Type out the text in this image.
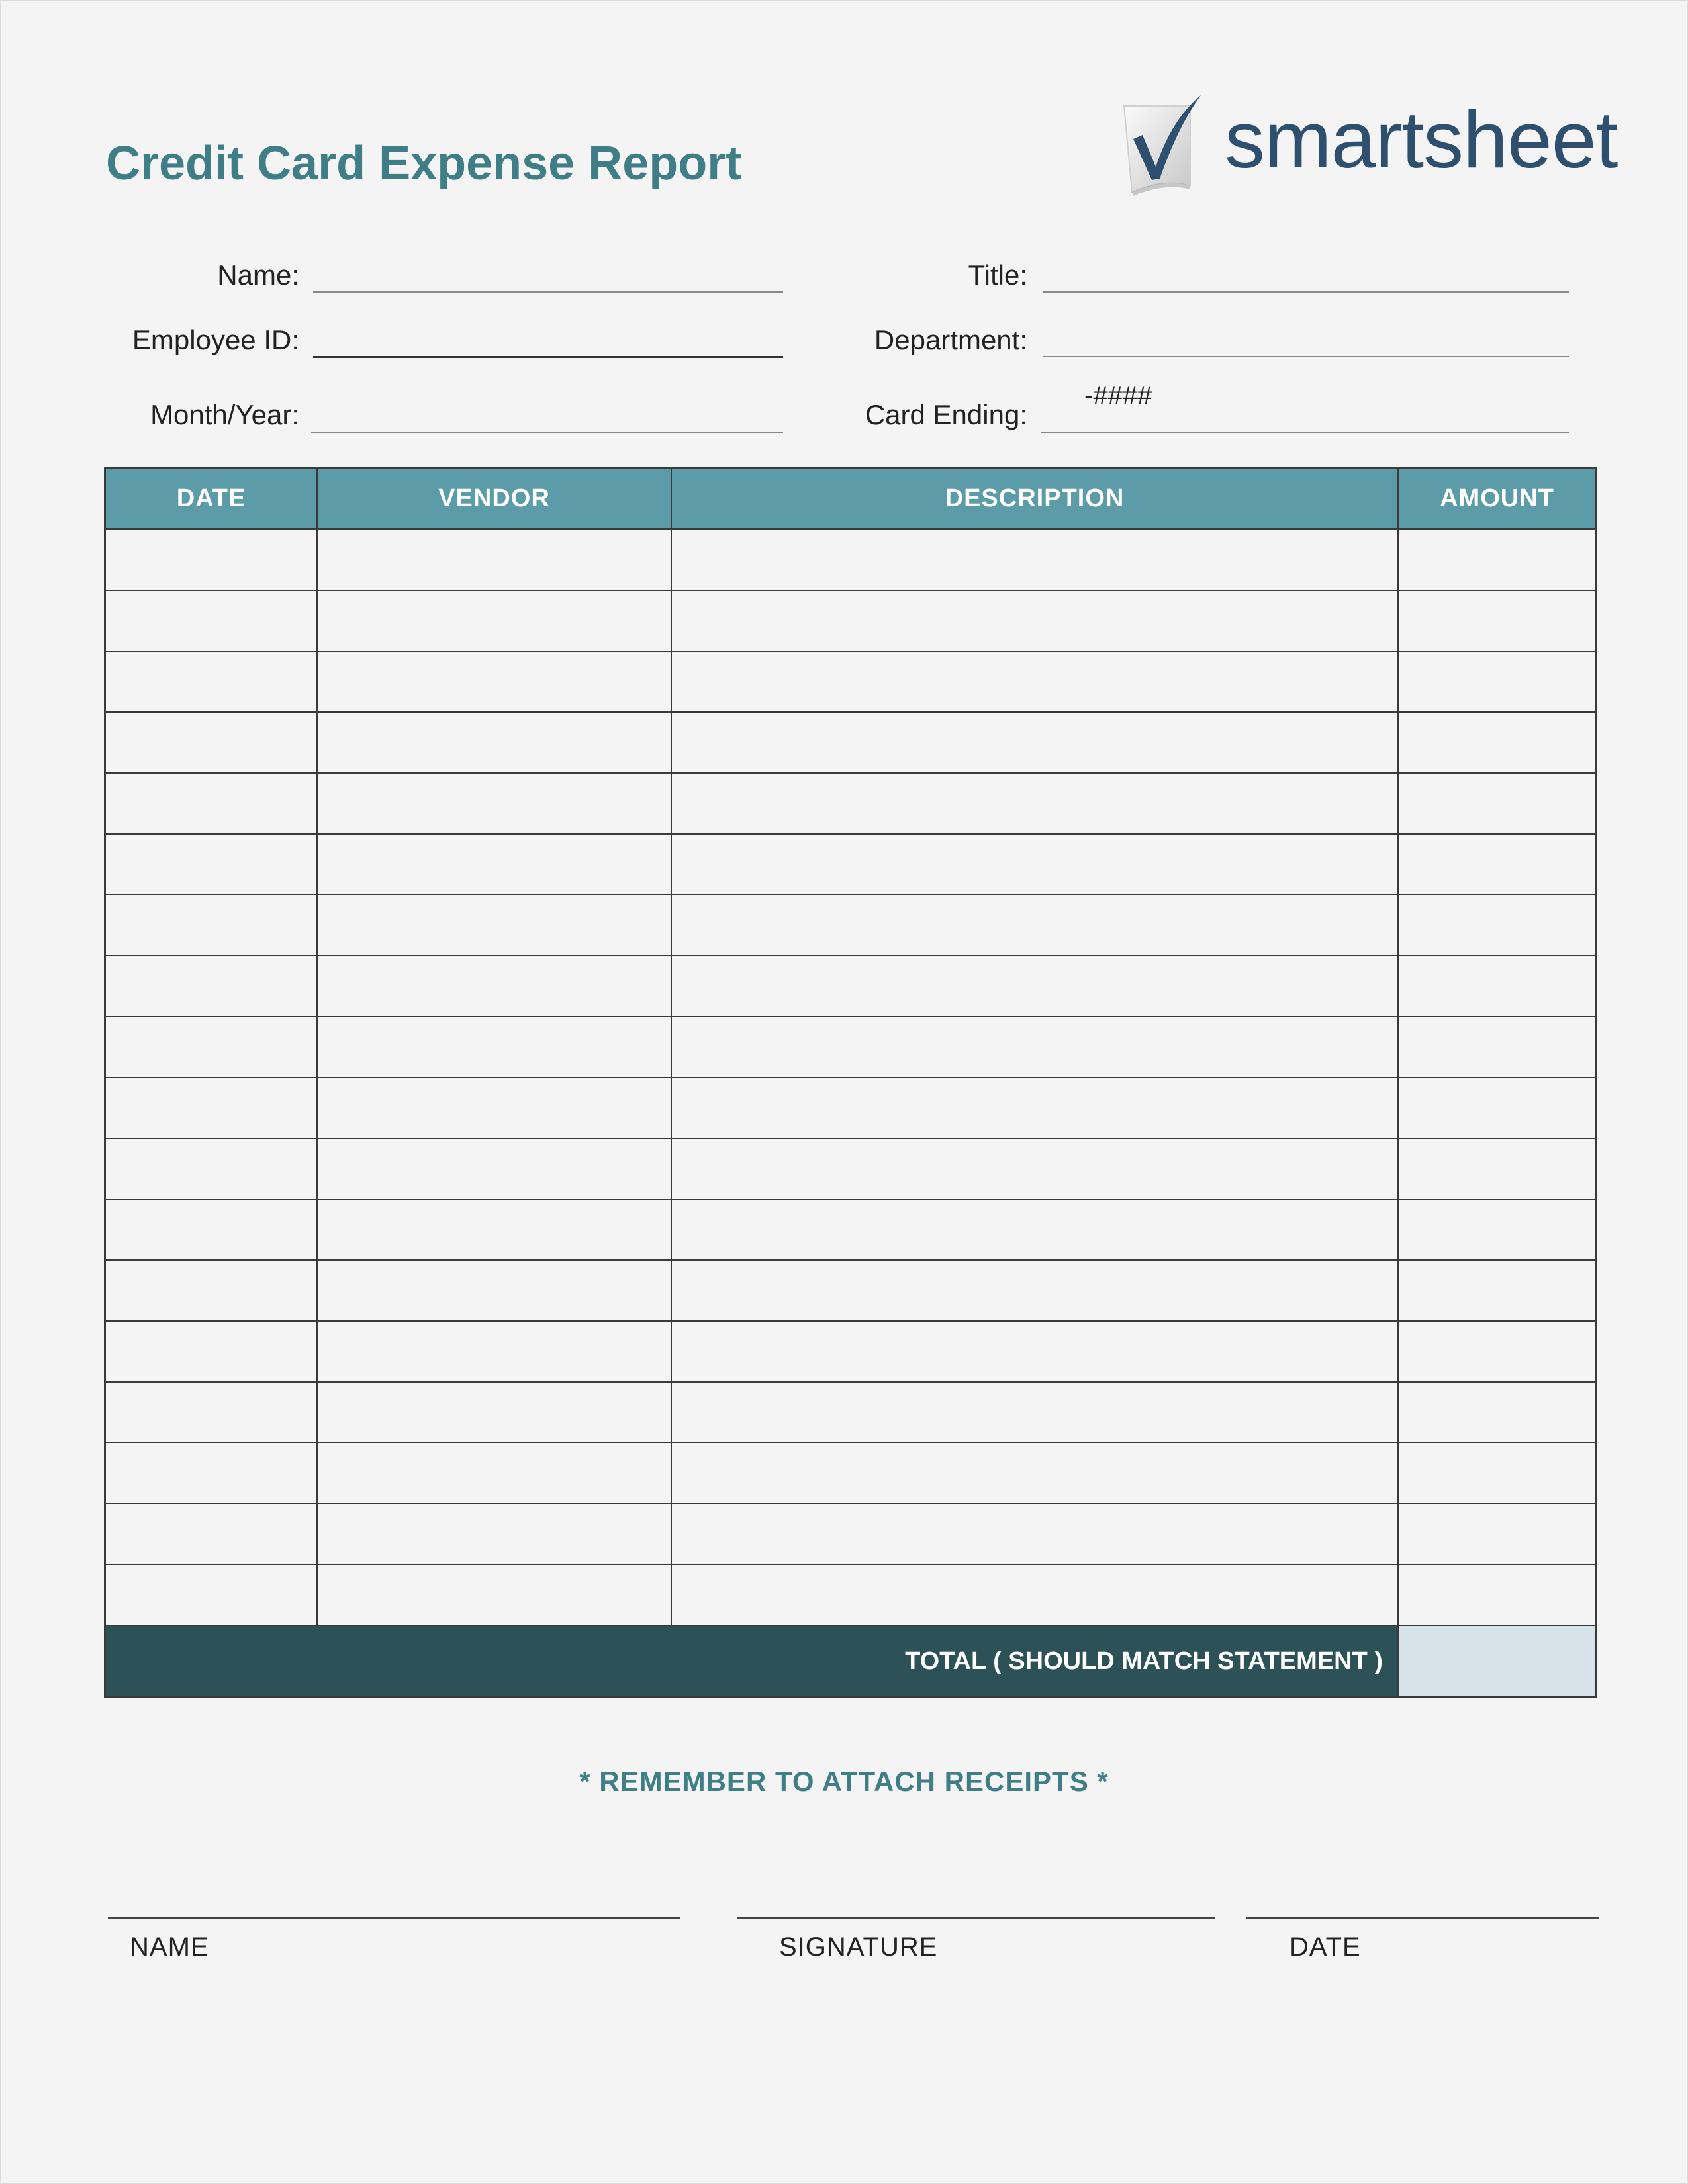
Credit Card Expense Report	smartsheet
Name:	Title:
Employee ID:	Department:
Month/Year:	Card Ending:
-####
DATE	VENDOR	DESCRIPTION	AMOUNT
TOTAL ( SHOULD MATCH STATEMENT )
* REMEMBER TO ATTACH RECEIPTS *
NAME	SIGNATURE	DATE
